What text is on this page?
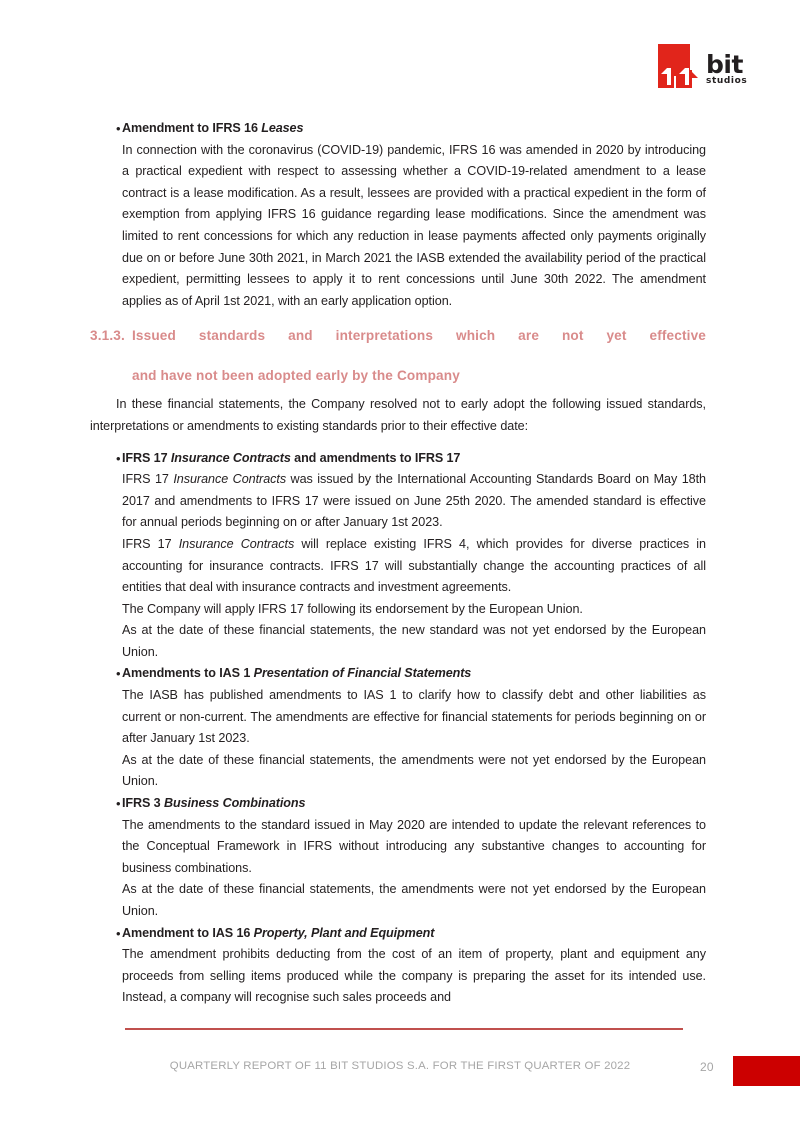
bit
studios
• Amendment to IFRS 16 Leases

In connection with the coronavirus (COVID-19) pandemic, IFRS 16 was amended in 2020 by introducing a practical expedient with respect to assessing whether a COVID-19-related amendment to a lease contract is a lease modification. As a result, lessees are provided with a practical expedient in the form of exemption from applying IFRS 16 guidance regarding lease modifications. Since the amendment was limited to rent concessions for which any reduction in lease payments affected only payments originally due on or before June 30th 2021, in March 2021 the IASB extended the availability period of the practical expedient, permitting lessees to apply it to rent concessions until June 30th 2022. The amendment applies as of April 1st 2021, with an early application option.

3.1.3. Issued standards and interpretations which are not yet effective
and have not been adopted early by the Company

In these financial statements, the Company resolved not to early adopt the following issued standards, interpretations or amendments to existing standards prior to their effective date:

• IFRS 17 Insurance Contracts and amendments to IFRS 17

IFRS 17 Insurance Contracts was issued by the International Accounting Standards Board on May 18th 2017 and amendments to IFRS 17 were issued on June 25th 2020. The amended standard is effective for annual periods beginning on or after January 1st 2023.

IFRS 17 Insurance Contracts will replace existing IFRS 4, which provides for diverse practices in accounting for insurance contracts. IFRS 17 will substantially change the accounting practices of all entities that deal with insurance contracts and investment agreements.

The Company will apply IFRS 17 following its endorsement by the European Union.

As at the date of these financial statements, the new standard was not yet endorsed by the European Union.

• Amendments to IAS 1 Presentation of Financial Statements

The IASB has published amendments to IAS 1 to clarify how to classify debt and other liabilities as current or non-current. The amendments are effective for financial statements for periods beginning on or after January 1st 2023.

As at the date of these financial statements, the amendments were not yet endorsed by the European Union.

• IFRS 3 Business Combinations

The amendments to the standard issued in May 2020 are intended to update the relevant references to the Conceptual Framework in IFRS without introducing any substantive changes to accounting for business combinations.

As at the date of these financial statements, the amendments were not yet endorsed by the European Union.

• Amendment to IAS 16 Property, Plant and Equipment

The amendment prohibits deducting from the cost of an item of property, plant and equipment any proceeds from selling items produced while the company is preparing the asset for its intended use. Instead, a company will recognise such sales proceeds and

QUARTERLY REPORT OF 11 BIT STUDIOS S.A. FOR THE FIRST QUARTER OF 2022	20
